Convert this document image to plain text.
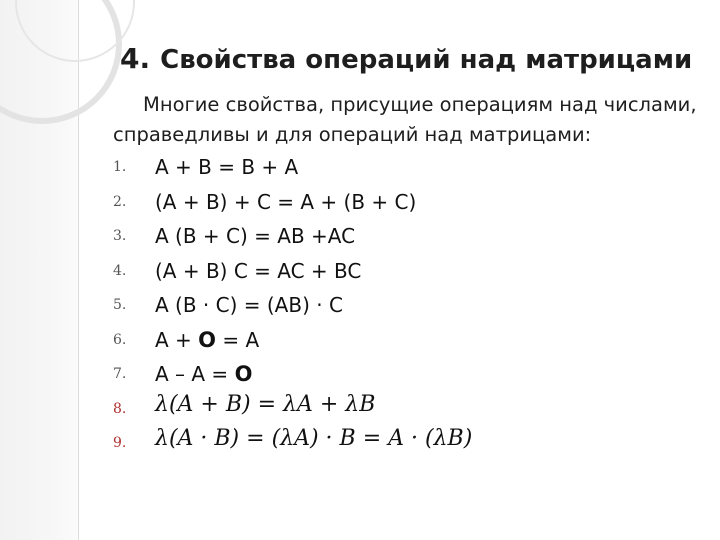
4. Свойства операций над матрицами
Многие свойства, присущие операциям над числами,
справедливы и для операций над матрицами:
1. A + B = B + A
2. (A + B) + C = A + (B + C)
3. A (B + C) = AB +AC
4. (A + B) C = AC + BC
5. A (B · C) = (AB) · C
6. A + O = A
7. A – A = O
8. λ(A + B) = λA + λB
9. λ(A · B) = (λA) · B = A · (λB)
